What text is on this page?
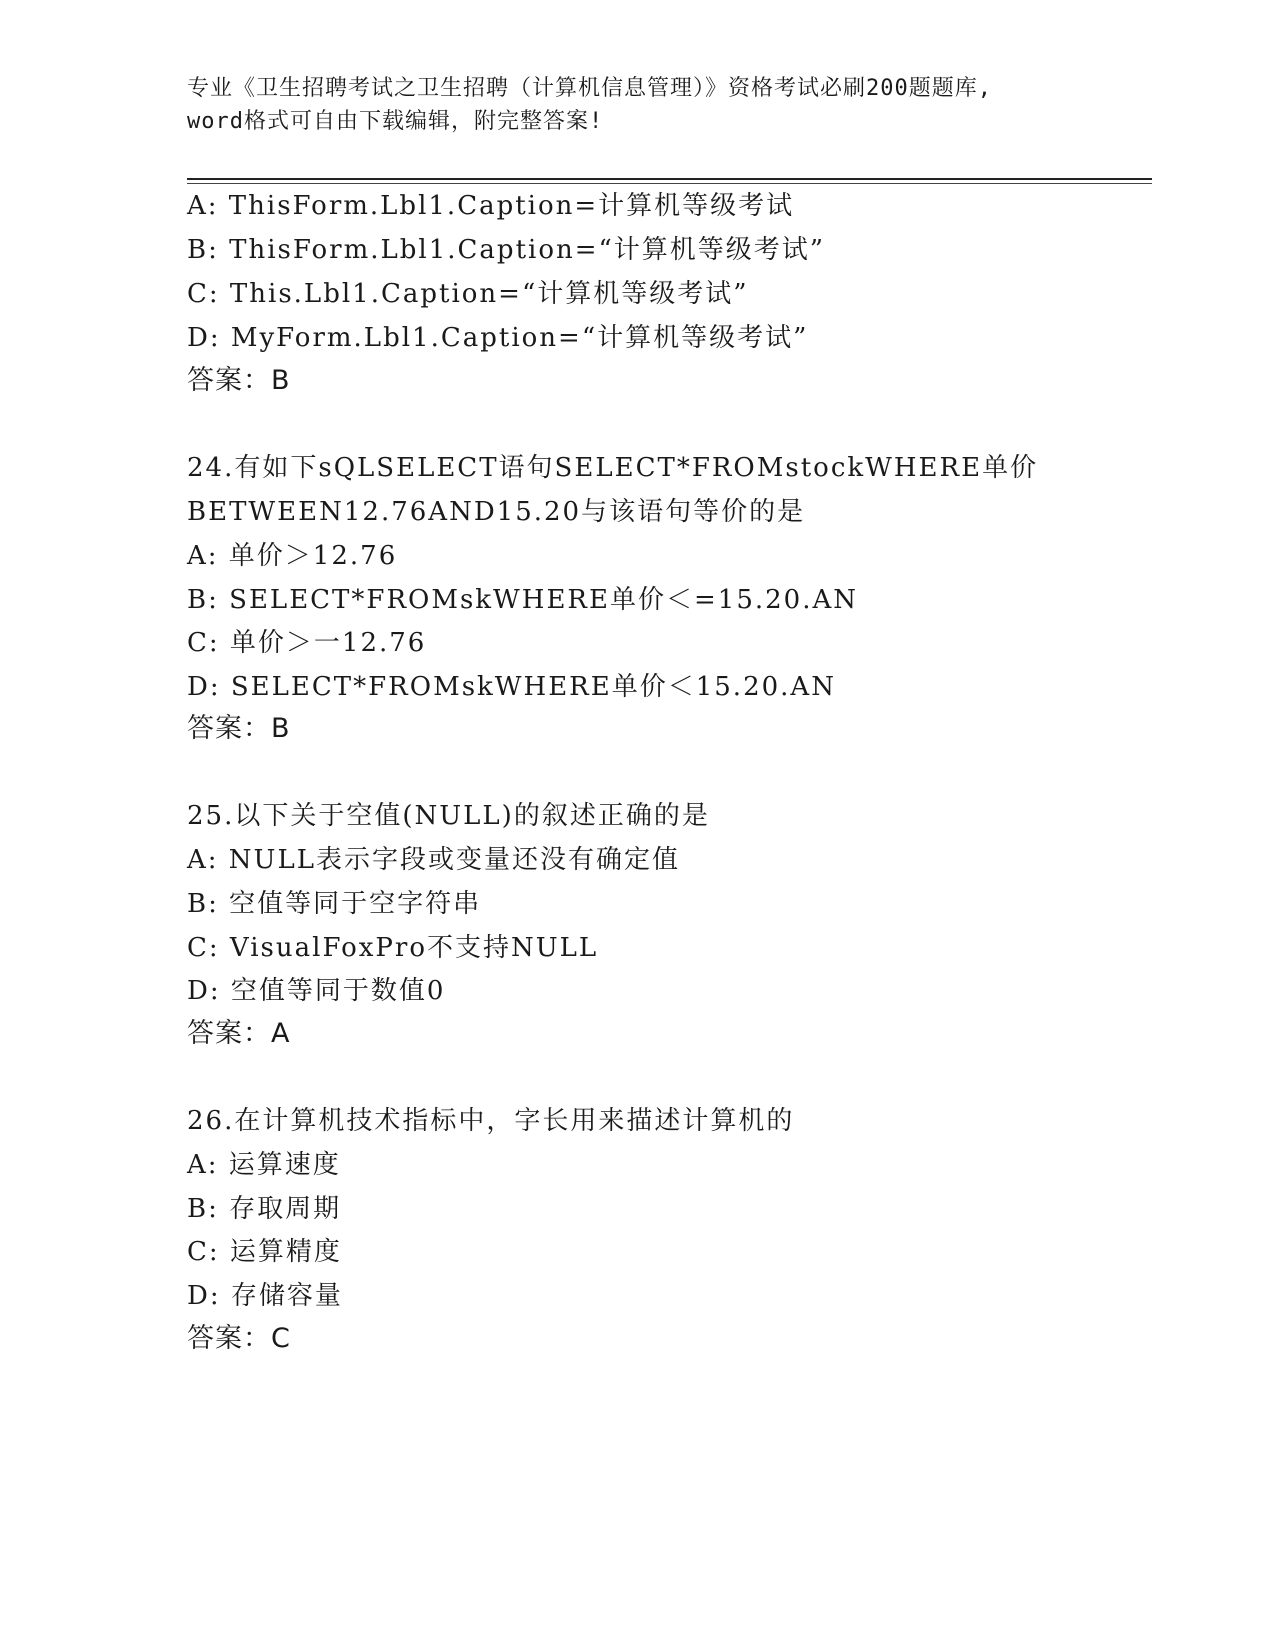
专业《卫生招聘考试之卫生招聘（计算机信息管理）》资格考试必刷200题题库,
word格式可自由下载编辑，附完整答案!
A: ThisForm.Lbl1.Caption=计算机等级考试
B: ThisForm.Lbl1.Caption=“计算机等级考试”
C: This.Lbl1.Caption=“计算机等级考试”
D: MyForm.Lbl1.Caption=“计算机等级考试”
答案：B
24.有如下sQLSELECT语句SELECT*FROMstockWHERE单价
BETWEEN12.76AND15.20与该语句等价的是
A: 单价＞12.76
B: SELECT*FROMskWHERE单价＜=15.20.AN
C: 单价＞一12.76
D: SELECT*FROMskWHERE单价＜15.20.AN
答案：B
25.以下关于空值(NULL)的叙述正确的是
A: NULL表示字段或变量还没有确定值
B: 空值等同于空字符串
C: VisualFoxPro不支持NULL
D: 空值等同于数值0
答案：A
26.在计算机技术指标中，字长用来描述计算机的
A: 运算速度
B: 存取周期
C: 运算精度
D: 存储容量
答案：C
